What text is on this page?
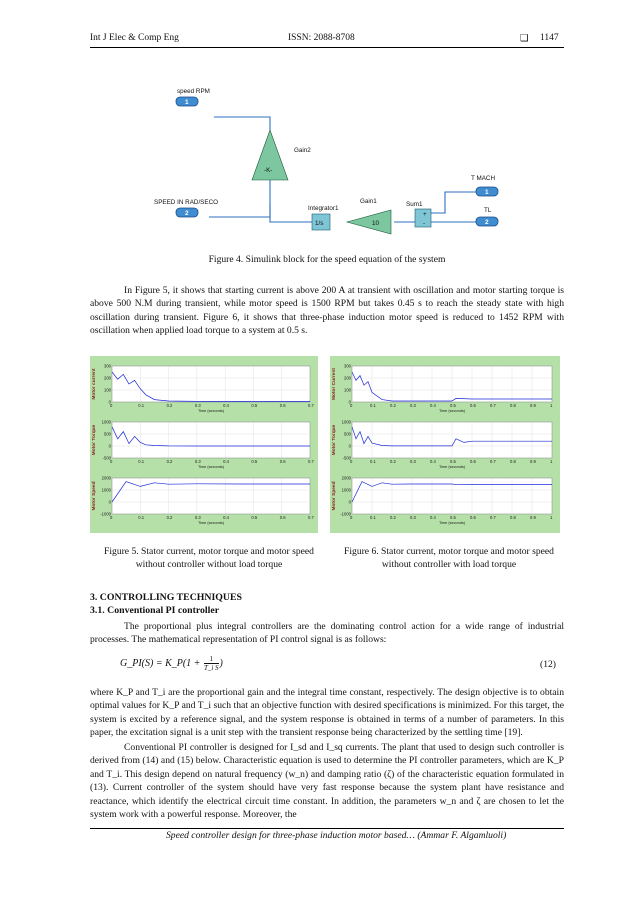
Int J Elec & Comp Eng	ISSN: 2088-8708	❑ 1147
speed RPM
1
-K-
Gain2
SPEED IN RAD/SECO
2
Integrator1
1/s	10
Gain1	Sum1
+
-
T MACH
1
TL
2
Figure 4. Simulink block for the speed equation of the system
In Figure 5, it shows that starting current is above 200 A at transient with oscillation and motor starting torque is above 500 N.M during transient, while motor speed is 1500 RPM but takes 0.45 s to reach the steady state with high oscillation during transient. Figure 6, it shows that three-phase induction motor speed is reduced to 1452 RPM with oscillation when applied load torque to a system at 0.5 s.
0	0.1	0.2	0.3	0.4	0.5	0.6	0.7
0
100
200
300
Time (seconds)
Motor current
0	0.1	0.2	0.3	0.4	0.5	0.6	0.7
-500
0
500
1000
Time (seconds)
Motor Torque
0	0.1	0.2	0.3	0.4	0.5	0.6	0.7
-1000
0
1000
2000
Time (seconds)
Motor Speed
0	0.1	0.2	0.3	0.4	0.5	0.6	0.7	0.8	0.9	1
0
100
200
300
Time (seconds)
Motor Current
0	0.1	0.2	0.3	0.4	0.5	0.6	0.7	0.8	0.9	1
-500
0
500
1000
Time (seconds)
Motor Torque
0	0.1	0.2	0.3	0.4	0.5	0.6	0.7	0.8	0.9	1
-1000
0
1000
2000
Time (seconds)
Motor Speed
Figure 5. Stator current, motor torque and motor speed without controller without load torque
Figure 6. Stator current, motor torque and motor speed without controller with load torque
3. CONTROLLING TECHNIQUES
3.1. Conventional PI controller
The proportional plus integral controllers are the dominating control action for a wide range of industrial processes. The mathematical representation of PI control signal is as follows:
G_PI(S) = K_P(1 + $\frac{1}{\text{T\_i S}}$ )	(12)
where K_P and T_i are the proportional gain and the integral time constant, respectively. The design objective is to obtain optimal values for K_P and T_i such that an objective function with desired specifications is minimized. For this target, the system is excited by a reference signal, and the system response is obtained in terms of a number of parameters. In this paper, the excitation signal is a unit step with the transient response being characterized by the settling time [19].
Conventional PI controller is designed for I_sd and I_sq currents. The plant that used to design such controller is derived from (14) and (15) below. Characteristic equation is used to determine the PI controller parameters, which are K_P and T_i. This design depend on natural frequency (w_n) and damping ratio (ζ) of the characteristic equation formulated in (13). Current controller of the system should have very fast response because the system plant have resistance and reactance, which identify the electrical circuit time constant. In addition, the parameters w_n and ζ are chosen to let the system work with a powerful response. Moreover, the
Speed controller design for three-phase induction motor based… (Ammar F. Algamluoli)
